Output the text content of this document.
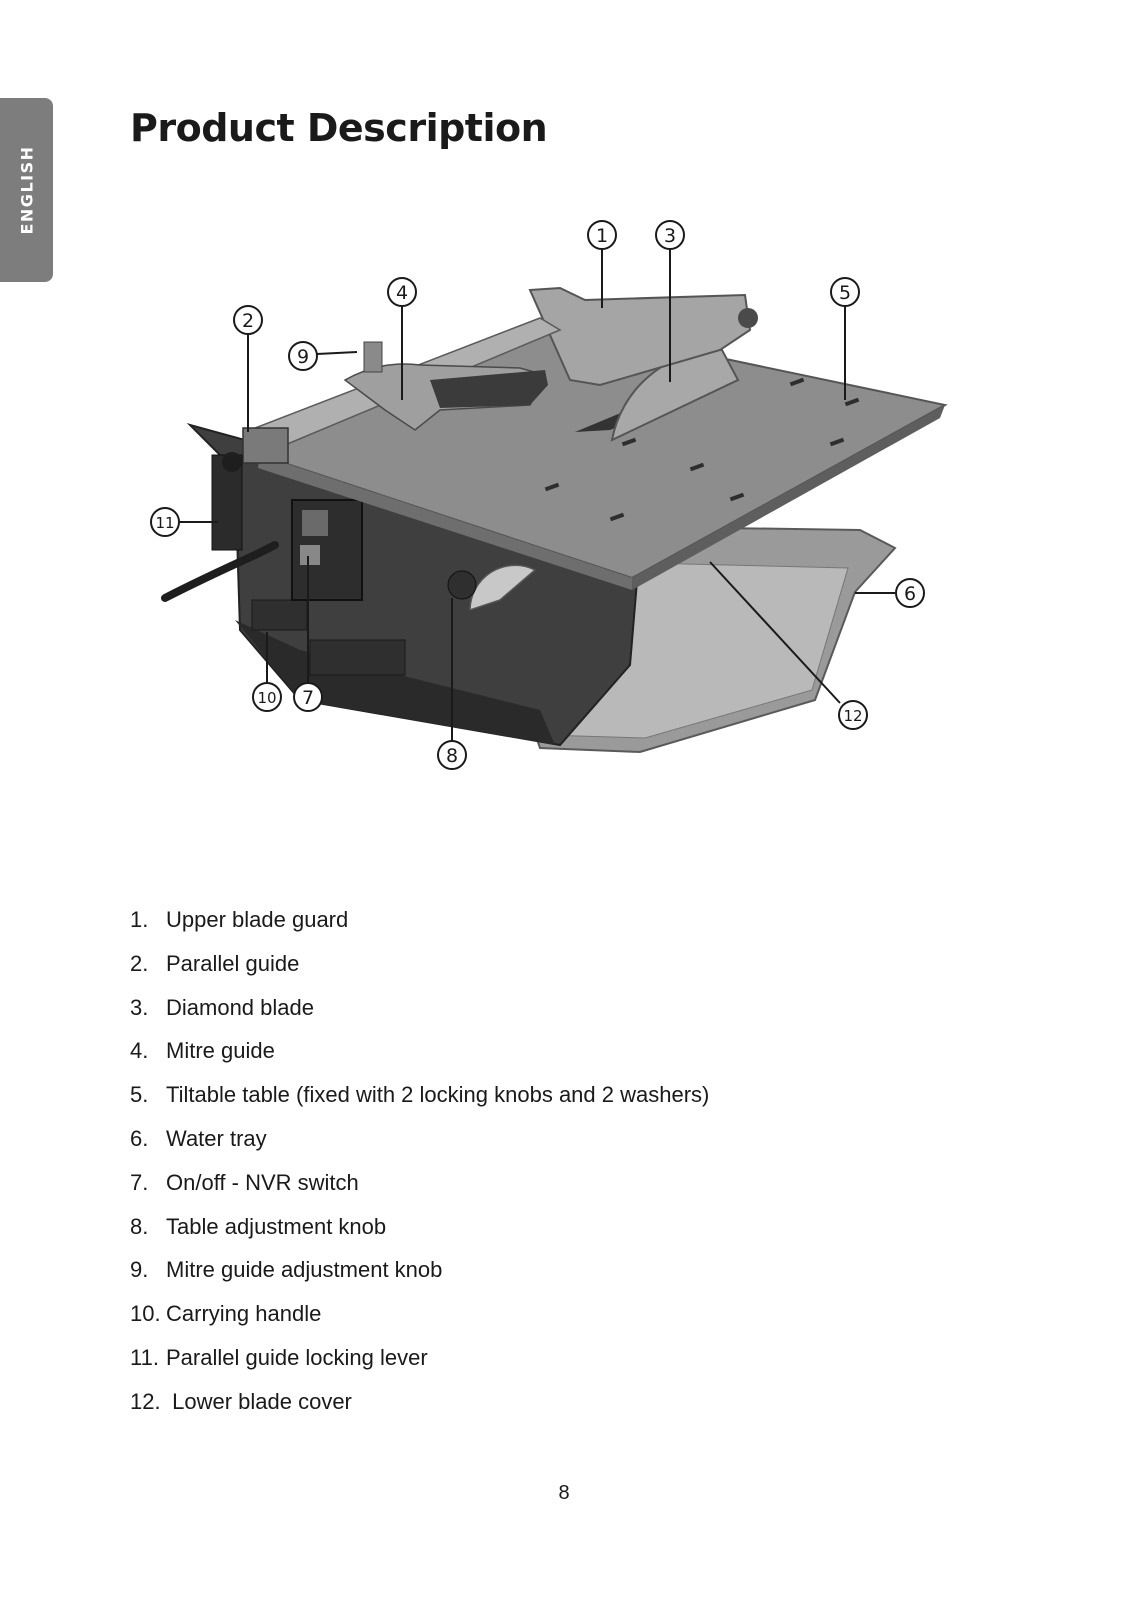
ENGLISH
Product Description
1
2
3
4	5
6
7
8
9
10
11
12
1. Upper blade guard
2. Parallel guide
3. Diamond blade
4. Mitre guide
5. Tiltable table (fixed with 2 locking knobs and 2 washers)
6. Water tray
7. On/off - NVR switch
8. Table adjustment knob
9. Mitre guide adjustment knob
10. Carrying handle
11. Parallel guide locking lever
12. Lower blade cover
8
